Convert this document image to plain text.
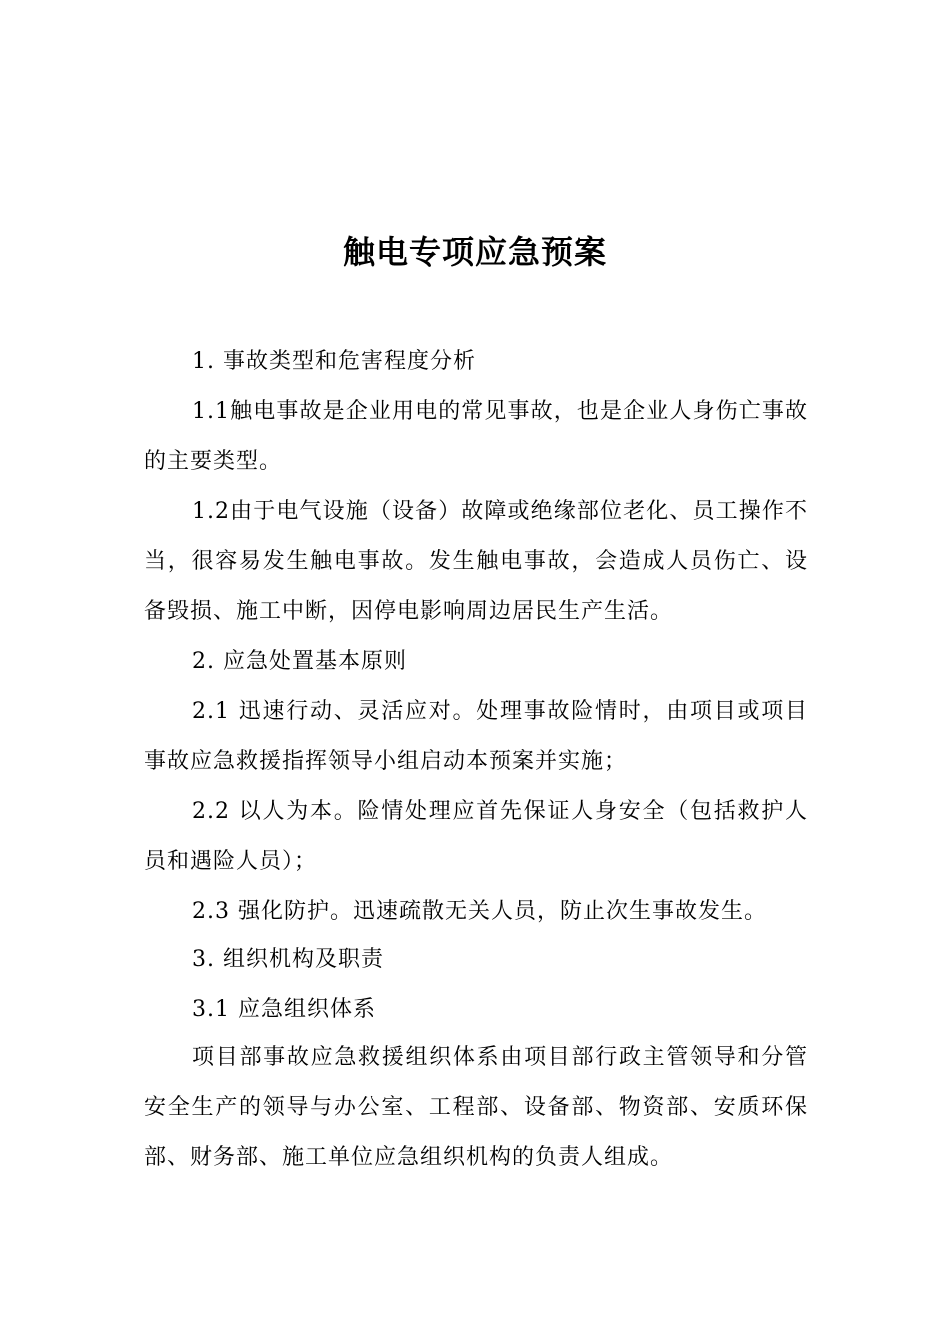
触电专项应急预案
1. 事故类型和危害程度分析
1.1触电事故是企业用电的常见事故，也是企业人身伤亡事故的主要类型。
1.2由于电气设施（设备）故障或绝缘部位老化、员工操作不当，很容易发生触电事故。发生触电事故，会造成人员伤亡、设备毁损、施工中断，因停电影响周边居民生产生活。
2. 应急处置基本原则
2.1 迅速行动、灵活应对。处理事故险情时，由项目或项目事故应急救援指挥领导小组启动本预案并实施；
2.2 以人为本。险情处理应首先保证人身安全（包括救护人员和遇险人员）；
2.3 强化防护。迅速疏散无关人员，防止次生事故发生。
3. 组织机构及职责
3.1 应急组织体系
项目部事故应急救援组织体系由项目部行政主管领导和分管安全生产的领导与办公室、工程部、设备部、物资部、安质环保部、财务部、施工单位应急组织机构的负责人组成。
